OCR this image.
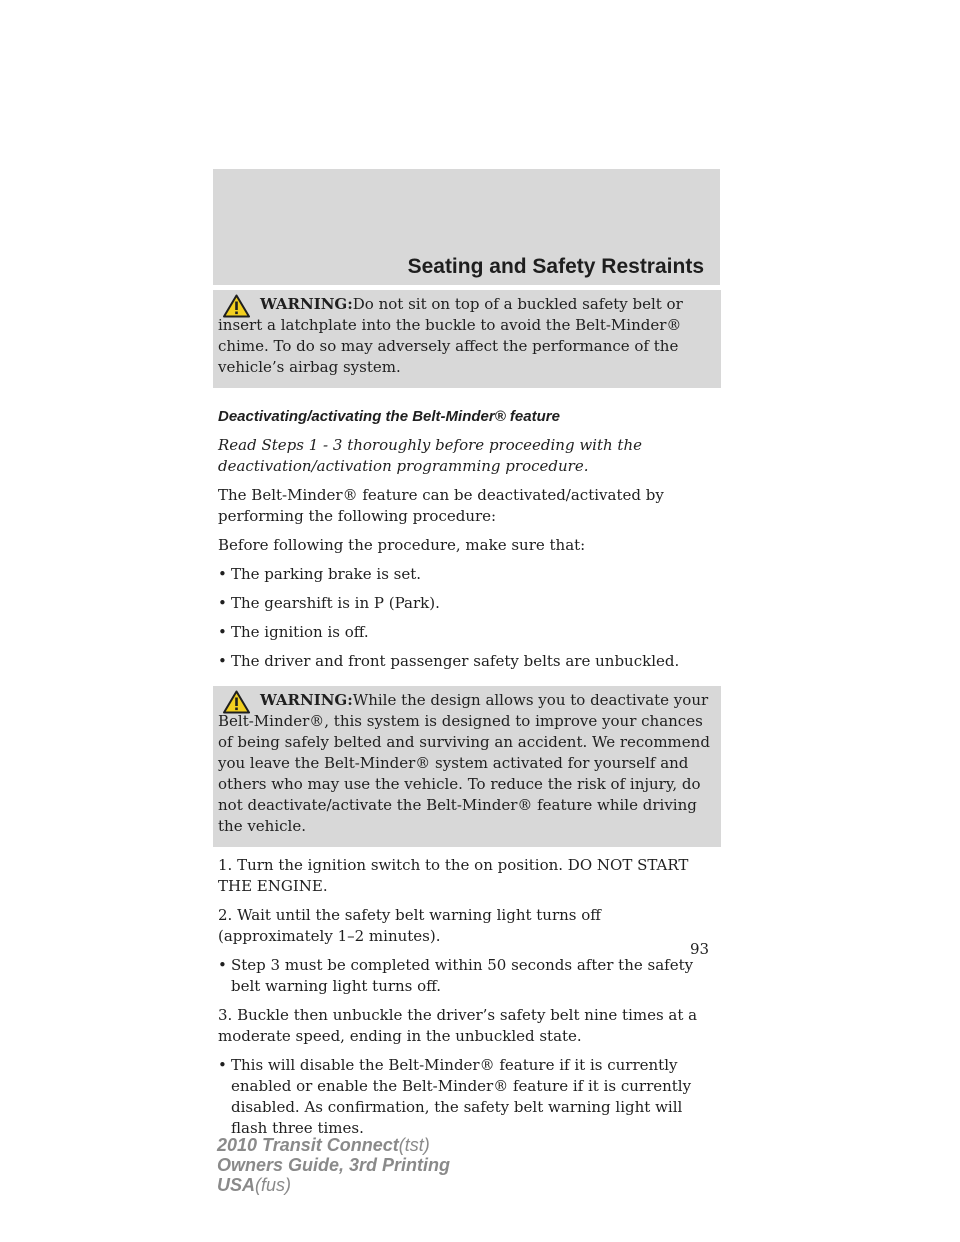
Seating and Safety Restraints

WARNING:Do not sit on top of a buckled safety belt or insert a latchplate into the buckle to avoid the Belt-Minder® chime. To do so may adversely affect the performance of the vehicle’s airbag system.

Deactivating/activating the Belt-Minder® feature

Read Steps 1 - 3 thoroughly before proceeding with the deactivation/activation programming procedure.

The Belt-Minder® feature can be deactivated/activated by performing the following procedure:

Before following the procedure, make sure that:

• The parking brake is set.
• The gearshift is in P (Park).
• The ignition is off.
• The driver and front passenger safety belts are unbuckled.

WARNING:While the design allows you to deactivate your Belt-Minder®, this system is designed to improve your chances of being safely belted and surviving an accident. We recommend you leave the Belt-Minder® system activated for yourself and others who may use the vehicle. To reduce the risk of injury, do not deactivate/activate the Belt-Minder® feature while driving the vehicle.

1. Turn the ignition switch to the on position. DO NOT START THE ENGINE.

2. Wait until the safety belt warning light turns off (approximately 1–2 minutes).

• Step 3 must be completed within 50 seconds after the safety belt warning light turns off.

3. Buckle then unbuckle the driver’s safety belt nine times at a moderate speed, ending in the unbuckled state.

• This will disable the Belt-Minder® feature if it is currently enabled or enable the Belt-Minder® feature if it is currently disabled. As confirmation, the safety belt warning light will flash three times.
93
2010 Transit Connect(tst)
Owners Guide, 3rd Printing
USA(fus)
